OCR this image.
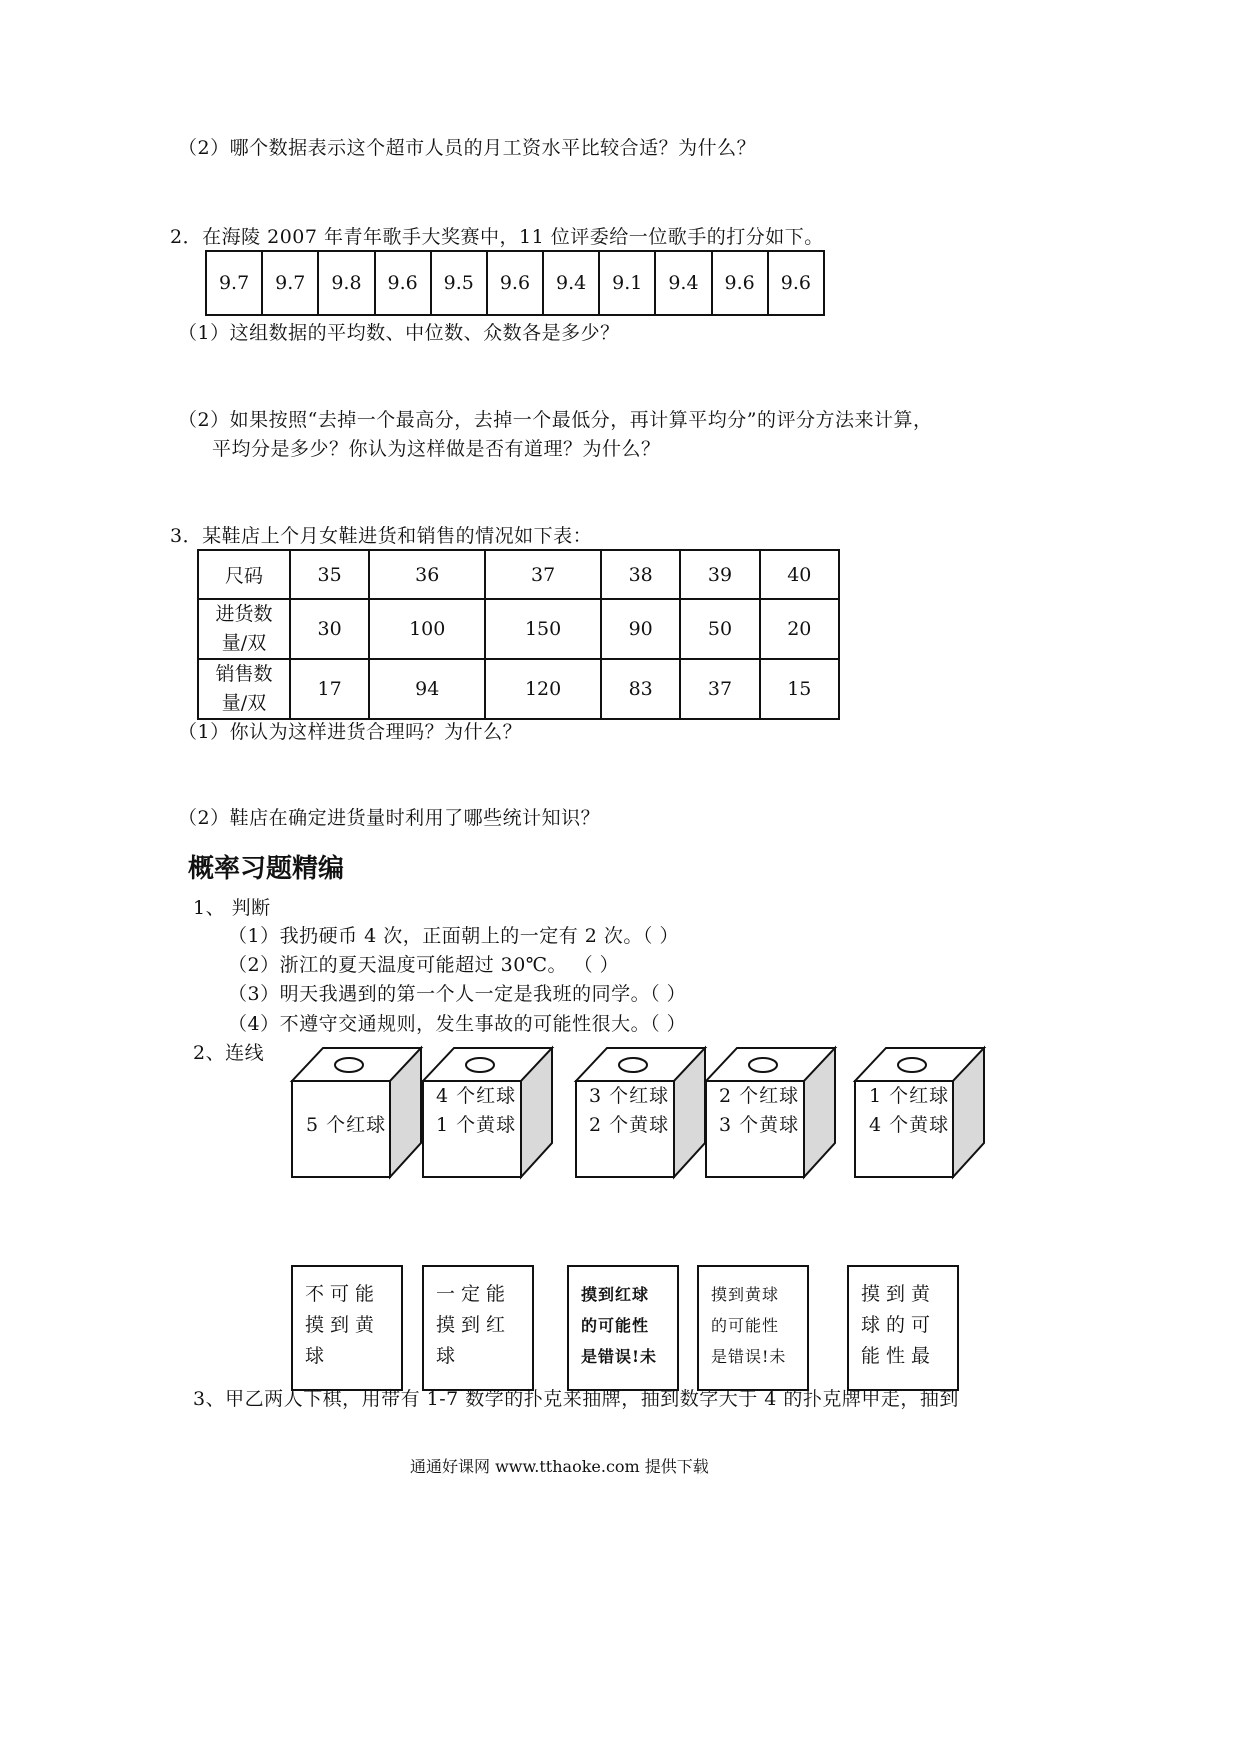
（2）哪个数据表示这个超市人员的月工资水平比较合适？为什么？
2．在海陵 2007 年青年歌手大奖赛中，11 位评委给一位歌手的打分如下。
9.7	9.7	9.8	9.6	9.5	9.6	9.4	9.1	9.4	9.6	9.6
（1）这组数据的平均数、中位数、众数各是多少？
（2）如果按照“去掉一个最高分，去掉一个最低分，再计算平均分”的评分方法来计算，
平均分是多少？你认为这样做是否有道理？为什么？
3．某鞋店上个月女鞋进货和销售的情况如下表：
尺码	35	36	37	38	39	40
进货数量/双	30	100	150	90	50	20
销售数量/双	17	94	120	83	37	15
（1）你认为这样进货合理吗？为什么？
（2）鞋店在确定进货量时利用了哪些统计知识？
概率习题精编
1、 判断
（1）我扔硬币 4 次，正面朝上的一定有 2 次。（ ）
（2）浙江的夏天温度可能超过 30℃。 （ ）
（3）明天我遇到的第一个人一定是我班的同学。（ ）
（4）不遵守交通规则，发生事故的可能性很大。（ ）
2、连线
5 个红球
4 个红球
1 个黄球
3 个红球
2 个黄球
2 个红球
3 个黄球
1 个红球
4 个黄球
不可能摸到黄球
一定能摸到红球
摸到红球的可能性是错误!未
摸到黄球的可能性是错误!未
摸到黄球的可能性最
3、甲乙两人下棋，用带有 1-7 数学的扑克来抽牌，抽到数字大于 4 的扑克牌甲走，抽到
通通好课网 www.tthaoke.com 提供下载
